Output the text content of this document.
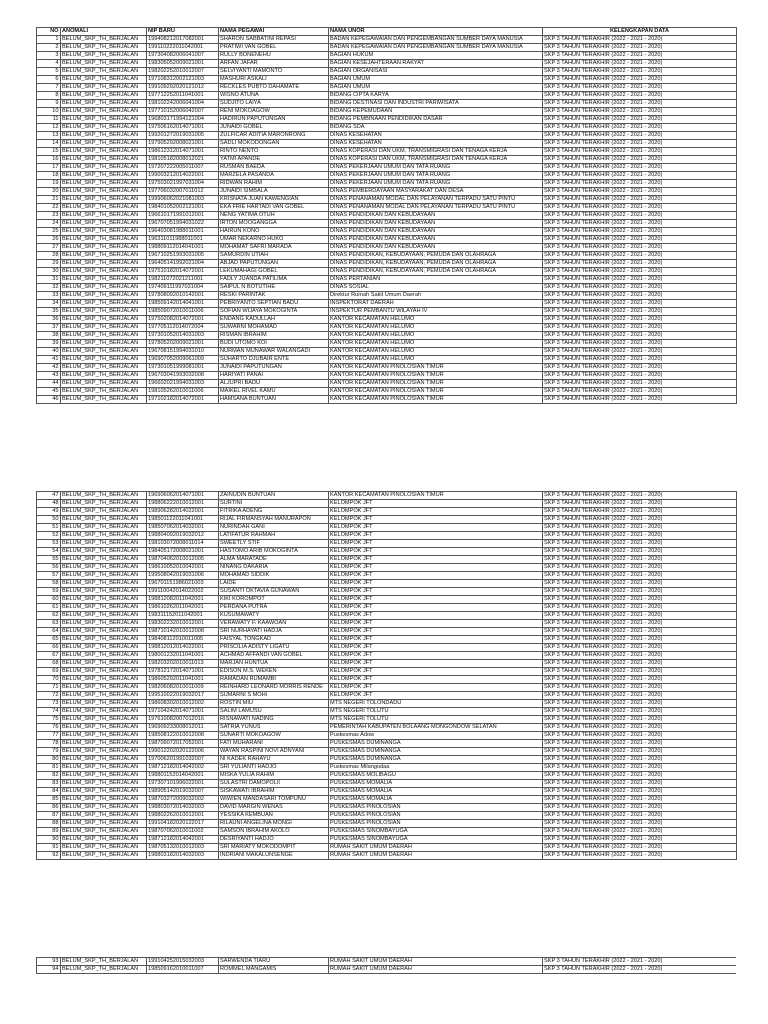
NO	ANOMALI	NIP BARU	NAMA PEGAWAI	NAMA UNOR	KELENGKAPAN DATA
1	BELUM_SKP_TH_BERJALAN	199408212017082001	SHARON SABBATINI REPASI	BADAN KEPEGAWAIAN DAN PENGEMBANGAN SUMBER DAYA MANUSIA	SKP 3 TAHUN TERAKHIR (2022 - 2021 - 2020)
2	BELUM_SKP_TH_BERJALAN	199110222011042001	PRATIWI VAN GOBEL	BADAN KEPEGAWAIAN DAN PENGEMBANGAN SUMBER DAYA MANUSIA	SKP 3 TAHUN TERAKHIR (2022 - 2021 - 2020)
3	BELUM_SKP_TH_BERJALAN	197304082006041007	RULLY BONENEHU	BAGIAN HUKUM	SKP 3 TAHUN TERAKHIR (2022 - 2021 - 2020)
4	BELUM_SKP_TH_BERJALAN	198305052009021001	ARFAN JAFAR	BAGIAN KESEJAHTERAAN RAKYAT	SKP 3 TAHUN TERAKHIR (2022 - 2021 - 2020)
5	BELUM_SKP_TH_BERJALAN	198202252010012007	SELVIYANTI MAMONTO	BAGIAN ORGANISASI	SKP 3 TAHUN TERAKHIR (2022 - 2021 - 2020)
6	BELUM_SKP_TH_BERJALAN	197108312002121003	MASHURI ASKALI	BAGIAN UMUM	SKP 3 TAHUN TERAKHIR (2022 - 2021 - 2020)
7	BELUM_SKP_TH_BERJALAN	199109292020121012	RECKLES PUBTO DAHAMATE	BAGIAN UMUM	SKP 3 TAHUN TERAKHIR (2022 - 2021 - 2020)
8	BELUM_SKP_TH_BERJALAN	197712252011041001	WISNO ATUNA	BIDANG CIPTA KARYA	SKP 3 TAHUN TERAKHIR (2022 - 2021 - 2020)
9	BELUM_SKP_TH_BERJALAN	198102242006041004	SUDJITO LAIYA	BIDANG DESTINASI DAN INDUSTRI PARIWISATA	SKP 3 TAHUN TERAKHIR (2022 - 2021 - 2020)
10	BELUM_SKP_TH_BERJALAN	197710152006042007	RENI MOKOAGOW	BIDANG KEPEMUDAAN	SKP 3 TAHUN TERAKHIR (2022 - 2021 - 2020)
11	BELUM_SKP_TH_BERJALAN	196803171994121004	HADIRUN PAPUTUNGAN	BIDANG PEMBINAAN PENDIDIKAN DASAR	SKP 3 TAHUN TERAKHIR (2022 - 2021 - 2020)
12	BELUM_SKP_TH_BERJALAN	197506162014071001	JUNAIDI GOBEL	BIDANG SDA	SKP 3 TAHUN TERAKHIR (2022 - 2021 - 2020)
13	BELUM_SKP_TH_BERJALAN	199201272019031005	ZULFICAR ADITIA MARONRONG	DINAS KESEHATAN	SKP 3 TAHUN TERAKHIR (2022 - 2021 - 2020)
14	BELUM_SKP_TH_BERJALAN	197905292008021001	SADLI MOKODONGAN	DINAS KESEHATAN	SKP 3 TAHUN TERAKHIR (2022 - 2021 - 2020)
15	BELUM_SKP_TH_BERJALAN	198612312014071001	RINTO NENTO	DINAS KOPERASI DAN UKM, TRANSMIGRASI DAN TENAGA KERJA	SKP 3 TAHUN TERAKHIR (2022 - 2021 - 2020)
16	BELUM_SKP_TH_BERJALAN	198105182008012021	YATMI APANDE	DINAS KOPERASI DAN UKM, TRANSMIGRASI DAN TENAGA KERJA	SKP 3 TAHUN TERAKHIR (2022 - 2021 - 2020)
17	BELUM_SKP_TH_BERJALAN	197207222005011007	RUSMAN BAEDA	DINAS PEKERJAAN UMUM DAN TATA RUANG	SKP 3 TAHUN TERAKHIR (2022 - 2021 - 2020)
18	BELUM_SKP_TH_BERJALAN	199003212014022001	MARZELA PASANDA	DINAS PEKERJAAN UMUM DAN TATA RUANG	SKP 3 TAHUN TERAKHIR (2022 - 2021 - 2020)
19	BELUM_SKP_TH_BERJALAN	197503021997031004	RIDWAN RAHIM	DINAS PEKERJAAN UMUM DAN TATA RUANG	SKP 3 TAHUN TERAKHIR (2022 - 2021 - 2020)
20	BELUM_SKP_TH_BERJALAN	197706032007011012	JUNAIDI SIMBALA	DINAS PEMBERDAYAAN MASYARAKAT DAN DESA	SKP 3 TAHUN TERAKHIR (2022 - 2021 - 2020)
21	BELUM_SKP_TH_BERJALAN	199906062021081003	KRISNATA JUAN KAWENGIAN	DINAS PENANAMAN MODAL DAN PELAYANAN TERPADU SATU PINTU	SKP 3 TAHUN TERAKHIR (2022 - 2021 - 2020)
22	BELUM_SKP_TH_BERJALAN	198401052002121001	EKA FRIE HARTADI VAN GOBEL	DINAS PENANAMAN MODAL DAN PELAYANAN TERPADU SATU PINTU	SKP 3 TAHUN TERAKHIR (2022 - 2021 - 2020)
23	BELUM_SKP_TH_BERJALAN	196610171991012001	NENG YATIMA OTUH	DINAS PENDIDIKAN DAN KEBUDAYAAN	SKP 3 TAHUN TERAKHIR (2022 - 2021 - 2020)
24	BELUM_SKP_TH_BERJALAN	196707051994031022	IRTON MOOGANGGA	DINAS PENDIDIKAN DAN KEBUDAYAAN	SKP 3 TAHUN TERAKHIR (2022 - 2021 - 2020)
25	BELUM_SKP_TH_BERJALAN	196403081988011001	HAIRUN KONO	DINAS PENDIDIKAN DAN KEBUDAYAAN	SKP 3 TAHUN TERAKHIR (2022 - 2021 - 2020)
26	BELUM_SKP_TH_BERJALAN	196311011988011001	UMAR NEKARNO HUKO	DINAS PENDIDIKAN DAN KEBUDAYAAN	SKP 3 TAHUN TERAKHIR (2022 - 2021 - 2020)
27	BELUM_SKP_TH_BERJALAN	198809112014041001	MOHAMAT SAFRI MARADA	DINAS PENDIDIKAN DAN KEBUDAYAAN	SKP 3 TAHUN TERAKHIR (2022 - 2021 - 2020)
28	BELUM_SKP_TH_BERJALAN	196710251993031005	SAMURDIN UTIAH	DINAS PENDIDIKAN, KEBUDAYAAN, PEMUDA DAN OLAHRAGA	SKP 3 TAHUN TERAKHIR (2022 - 2021 - 2020)
29	BELUM_SKP_TH_BERJALAN	196405141992021004	ABJAD PAPUTUNGAN	DINAS PENDIDIKAN, KEBUDAYAAN, PEMUDA DAN OLAHRAGA	SKP 3 TAHUN TERAKHIR (2022 - 2021 - 2020)
30	BELUM_SKP_TH_BERJALAN	197510182014072001	LEKUMAHAGI GOBEL	DINAS PENDIDIKAN, KEBUDAYAAN, PEMUDA DAN OLAHRAGA	SKP 3 TAHUN TERAKHIR (2022 - 2021 - 2020)
31	BELUM_SKP_TH_BERJALAN	198211072021211001	FADLY JUANDA PATILIMA	DINAS PERTANIAN	SKP 3 TAHUN TERAKHIR (2022 - 2021 - 2020)
32	BELUM_SKP_TH_BERJALAN	197409111997031004	SAIPUL N BOTUTIHE	DINAS SOSIAL	SKP 3 TAHUN TERAKHIR (2022 - 2021 - 2020)
33	BELUM_SKP_TH_BERJALAN	197808092010142001	RESKI PARINTAK	Direktur Rumah Sakit Umum Daerah	SKP 3 TAHUN TERAKHIR (2022 - 2021 - 2020)
34	BELUM_SKP_TH_BERJALAN	198509142014041001	PEBRIYANTO SEPTIAN BADU	INSPEKTORAT DAERAH	SKP 3 TAHUN TERAKHIR (2022 - 2021 - 2020)
35	BELUM_SKP_TH_BERJALAN	198509072010011006	SOFIAN WIJAYA MOKOGINTA	INSPEKTUR PEMBANTU WILAYAH IV	SKP 3 TAHUN TERAKHIR (2022 - 2021 - 2020)
36	BELUM_SKP_TH_BERJALAN	197502082014072001	ENDANG KADULLAH	KANTOR KECAMATAN HELUMO	SKP 3 TAHUN TERAKHIR (2022 - 2021 - 2020)
37	BELUM_SKP_TH_BERJALAN	197705112014072004	SUWARNI MOHAMAD	KANTOR KECAMATAN HELUMO	SKP 3 TAHUN TERAKHIR (2022 - 2021 - 2020)
38	BELUM_SKP_TH_BERJALAN	197301052014031003	RISMAN IBRAHIM	KANTOR KECAMATAN HELUMO	SKP 3 TAHUN TERAKHIR (2022 - 2021 - 2020)
39	BELUM_SKP_TH_BERJALAN	197805202009021001	BUDI UTOMO KOI	KANTOR KECAMATAN HELUMO	SKP 3 TAHUN TERAKHIR (2022 - 2021 - 2020)
40	BELUM_SKP_TH_BERJALAN	196708151994031010	NURMAN MUNAWAR WALANGADI	KANTOR KECAMATAN HELUMO	SKP 3 TAHUN TERAKHIR (2022 - 2021 - 2020)
41	BELUM_SKP_TH_BERJALAN	196907052009061009	SUHARTO DJUBAIR ENTE	KANTOR KECAMATAN HELUMO	SKP 3 TAHUN TERAKHIR (2022 - 2021 - 2020)
42	BELUM_SKP_TH_BERJALAN	197301051999081001	JUNAIDI PAPUTUNGAN	KANTOR KECAMATAN PINOLOSIAN TIMUR	SKP 3 TAHUN TERAKHIR (2022 - 2021 - 2020)
43	BELUM_SKP_TH_BERJALAN	196703041993032008	HARIYATI PANAI	KANTOR KECAMATAN PINOLOSIAN TIMUR	SKP 3 TAHUN TERAKHIR (2022 - 2021 - 2020)
44	BELUM_SKP_TH_BERJALAN	196602021994031003	ALJUPRI BADU	KANTOR KECAMATAN PINOLOSIAN TIMUR	SKP 3 TAHUN TERAKHIR (2022 - 2021 - 2020)
45	BELUM_SKP_TH_BERJALAN	198105262010011006	MAIKEL RIVEL KAMU	KANTOR KECAMATAN PINOLOSIAN TIMUR	SKP 3 TAHUN TERAKHIR (2022 - 2021 - 2020)
46	BELUM_SKP_TH_BERJALAN	197102182014072001	HAMSANA BUNTUAN	KANTOR KECAMATAN PINOLOSIAN TIMUR	SKP 3 TAHUN TERAKHIR (2022 - 2021 - 2020)
47	BELUM_SKP_TH_BERJALAN	196906062014071001	ZAINUDIN BUNTUAN	KANTOR KECAMATAN PINOLOSIAN TIMUR	SKP 3 TAHUN TERAKHIR (2022 - 2021 - 2020)
48	BELUM_SKP_TH_BERJALAN	198806222010012001	SURTINI	KELOMPOK JFT	SKP 3 TAHUN TERAKHIR (2022 - 2021 - 2020)
49	BELUM_SKP_TH_BERJALAN	198906282014022001	FITRIKA ADENG	KELOMPOK JFT	SKP 3 TAHUN TERAKHIR (2022 - 2021 - 2020)
50	BELUM_SKP_TH_BERJALAN	198501122011041001	RIJAL FIRMANSYAH MANURAPON	KELOMPOK JFT	SKP 3 TAHUN TERAKHIR (2022 - 2021 - 2020)
51	BELUM_SKP_TH_BERJALAN	198507062014032001	NURINDAH GANI	KELOMPOK JFT	SKP 3 TAHUN TERAKHIR (2022 - 2021 - 2020)
52	BELUM_SKP_TH_BERJALAN	198804092019032012	LATIFATUR RAHMAH	KELOMPOK JFT	SKP 3 TAHUN TERAKHIR (2022 - 2021 - 2020)
53	BELUM_SKP_TH_BERJALAN	198103072008011014	SWEETLY STIF	KELOMPOK JFT	SKP 3 TAHUN TERAKHIR (2022 - 2021 - 2020)
54	BELUM_SKP_TH_BERJALAN	198405172008021001	HASTOMO ARIB MOKOGINTA	KELOMPOK JFT	SKP 3 TAHUN TERAKHIR (2022 - 2021 - 2020)
55	BELUM_SKP_TH_BERJALAN	198704062010012005	ALMA MARATADE	KELOMPOK JFT	SKP 3 TAHUN TERAKHIR (2022 - 2021 - 2020)
56	BELUM_SKP_TH_BERJALAN	198610052010042001	NINANG DAKARIA	KELOMPOK JFT	SKP 3 TAHUN TERAKHIR (2022 - 2021 - 2020)
57	BELUM_SKP_TH_BERJALAN	199508042019031006	MOHAMAD SIDDIK	KELOMPOK JFT	SKP 3 TAHUN TERAKHIR (2022 - 2021 - 2020)
58	BELUM_SKP_TH_BERJALAN	196701151986021003	LAIDE	KELOMPOK JFT	SKP 3 TAHUN TERAKHIR (2022 - 2021 - 2020)
59	BELUM_SKP_TH_BERJALAN	199110042014022002	SUSANTI OKTAVIA GUNAWAN	KELOMPOK JFT	SKP 3 TAHUN TERAKHIR (2022 - 2021 - 2020)
60	BELUM_SKP_TH_BERJALAN	198812082011042001	KIKI KOROMPOT	KELOMPOK JFT	SKP 3 TAHUN TERAKHIR (2022 - 2021 - 2020)
61	BELUM_SKP_TH_BERJALAN	198610262011042001	PERDANA PUTRA	KELOMPOK JFT	SKP 3 TAHUN TERAKHIR (2022 - 2021 - 2020)
62	BELUM_SKP_TH_BERJALAN	198311152011042001	KUSUMAWATY	KELOMPOK JFT	SKP 3 TAHUN TERAKHIR (2022 - 2021 - 2020)
63	BELUM_SKP_TH_BERJALAN	198302232010012001	VERAWATY F. KAAWOAN	KELOMPOK JFT	SKP 3 TAHUN TERAKHIR (2022 - 2021 - 2020)
64	BELUM_SKP_TH_BERJALAN	198710142010012008	SRI NURHAYATI HADJA	KELOMPOK JFT	SKP 3 TAHUN TERAKHIR (2022 - 2021 - 2020)
65	BELUM_SKP_TH_BERJALAN	198408112010011005	FAISYAL TONGKAD	KELOMPOK JFT	SKP 3 TAHUN TERAKHIR (2022 - 2021 - 2020)
66	BELUM_SKP_TH_BERJALAN	198812012014022001	PRISCILIA ADISTY LIGATU	KELOMPOK JFT	SKP 3 TAHUN TERAKHIR (2022 - 2021 - 2020)
67	BELUM_SKP_TH_BERJALAN	198001232011041001	ACHMAD AFFANDI VAN GOBEL	KELOMPOK JFT	SKP 3 TAHUN TERAKHIR (2022 - 2021 - 2020)
68	BELUM_SKP_TH_BERJALAN	198203202010011013	MARJAN HUNTUA	KELOMPOK JFT	SKP 3 TAHUN TERAKHIR (2022 - 2021 - 2020)
69	BELUM_SKP_TH_BERJALAN	197812172014071001	EDISON M.S. WEKEN	KELOMPOK JFT	SKP 3 TAHUN TERAKHIR (2022 - 2021 - 2020)
70	BELUM_SKP_TH_BERJALAN	198605292011041001	RAMADAN RUMAMBI	KELOMPOK JFT	SKP 3 TAHUN TERAKHIR (2022 - 2021 - 2020)
71	BELUM_SKP_TH_BERJALAN	198206082010011009	REINHARD LEONARD MORRIS RENDE	KELOMPOK JFT	SKP 3 TAHUN TERAKHIR (2022 - 2021 - 2020)
72	BELUM_SKP_TH_BERJALAN	199510022019032017	SUMARNI S MOHI	KELOMPOK JFT	SKP 3 TAHUN TERAKHIR (2022 - 2021 - 2020)
73	BELUM_SKP_TH_BERJALAN	198608302010012002	ROSTIN MIU	MTS NEGERI TOLONDADU	SKP 3 TAHUN TERAKHIR (2022 - 2021 - 2020)
74	BELUM_SKP_TH_BERJALAN	197104242014071001	SALIM LAMUSU	MTS NEGERI TOLUTU	SKP 3 TAHUN TERAKHIR (2022 - 2021 - 2020)
75	BELUM_SKP_TH_BERJALAN	197610082007012016	RISNAWATI NADING	MTS NEGERI TOLUTU	SKP 3 TAHUN TERAKHIR (2022 - 2021 - 2020)
76	BELUM_SKP_TH_BERJALAN	196909233008012011	SATRIA YUNUS	PEMERINTAH KABUPATEN BOLAANG MONGONDOW SELATAN	SKP 3 TAHUN TERAKHIR (2022 - 2021 - 2020)
77	BELUM_SKP_TH_BERJALAN	198508122010012008	SUNARTI MOKOAGOW	Puskesmas Adow	SKP 3 TAHUN TERAKHIR (2022 - 2021 - 2020)
78	BELUM_SKP_TH_BERJALAN	198709072017052001	FATI MUHARANI	PUSKESMAS DUMINANGA	SKP 3 TAHUN TERAKHIR (2022 - 2021 - 2020)
79	BELUM_SKP_TH_BERJALAN	199012202020122006	WAYAN RASPINI NOVI ADNYANI	PUSKESMAS DUMINANGA	SKP 3 TAHUN TERAKHIR (2022 - 2021 - 2020)
80	BELUM_SKP_TH_BERJALAN	197006201991032007	NI KADEK RAHAYU	PUSKESMAS DUMINANGA	SKP 3 TAHUN TERAKHIR (2022 - 2021 - 2020)
81	BELUM_SKP_TH_BERJALAN	198712182014042002	SRI YULIANTI HADJO	Puskesmas Milangodaa	SKP 3 TAHUN TERAKHIR (2022 - 2021 - 2020)
82	BELUM_SKP_TH_BERJALAN	198801152014042001	MISKA YULIA RAHIM	PUSKESMAS MOLIBAGU	SKP 3 TAHUN TERAKHIR (2022 - 2021 - 2020)
83	BELUM_SKP_TH_BERJALAN	197307101996022001	SULASTRI DAMOPOLII	PUSKESMAS MOMALIA	SKP 3 TAHUN TERAKHIR (2022 - 2021 - 2020)
84	BELUM_SKP_TH_BERJALAN	198905142019032007	SISKAWATI IBRAHIM	PUSKESMAS MOMALIA	SKP 3 TAHUN TERAKHIR (2022 - 2021 - 2020)
85	BELUM_SKP_TH_BERJALAN	198703272009032002	WIWIEN MANDASARI TOMPUNU	PUSKESMAS MOMALIA	SKP 3 TAHUN TERAKHIR (2022 - 2021 - 2020)
86	BELUM_SKP_TH_BERJALAN	198803072014032003	DAVID MARGIN WENAS	PUSKESMAS PINOLOSIAN	SKP 3 TAHUN TERAKHIR (2022 - 2021 - 2020)
87	BELUM_SKP_TH_BERJALAN	198802262010012001	YESSIKA KEMBUAN	PUSKESMAS PINOLOSIAN	SKP 3 TAHUN TERAKHIR (2022 - 2021 - 2020)
88	BELUM_SKP_TH_BERJALAN	199104182020122017	RILAUNI ANGELINA MONGI	PUSKESMAS PINOLOSIAN	SKP 3 TAHUN TERAKHIR (2022 - 2021 - 2020)
89	BELUM_SKP_TH_BERJALAN	198707062010011002	SAMSON IBRAHIM AKOLO	PUSKESMAS SINOMBAYUGA	SKP 3 TAHUN TERAKHIR (2022 - 2021 - 2020)
90	BELUM_SKP_TH_BERJALAN	198712182014042001	DESRIYANTI HADJO	PUSKESMAS SINOMBAYUGA	SKP 3 TAHUN TERAKHIR (2022 - 2021 - 2020)
91	BELUM_SKP_TH_BERJALAN	198705132010012003	SRI MARIATY MOKODOMPIT	RUMAH SAKIT UMUM DAERAH	SKP 3 TAHUN TERAKHIR (2022 - 2021 - 2020)
92	BELUM_SKP_TH_BERJALAN	198803182014032003	INDRIANI MAKALUNSENGE	RUMAH SAKIT UMUM DAERAH	SKP 3 TAHUN TERAKHIR (2022 - 2021 - 2020)
93	BELUM_SKP_TH_BERJALAN	199104252015032003	SARWENDA TIARU	RUMAH SAKIT UMUM DAERAH	SKP 3 TAHUN TERAKHIR (2022 - 2021 - 2020)
94	BELUM_SKP_TH_BERJALAN	198509162010011007	ROMMEL MANGAMIS	RUMAH SAKIT UMUM DAERAH	SKP 3 TAHUN TERAKHIR (2022 - 2021 - 2020)
